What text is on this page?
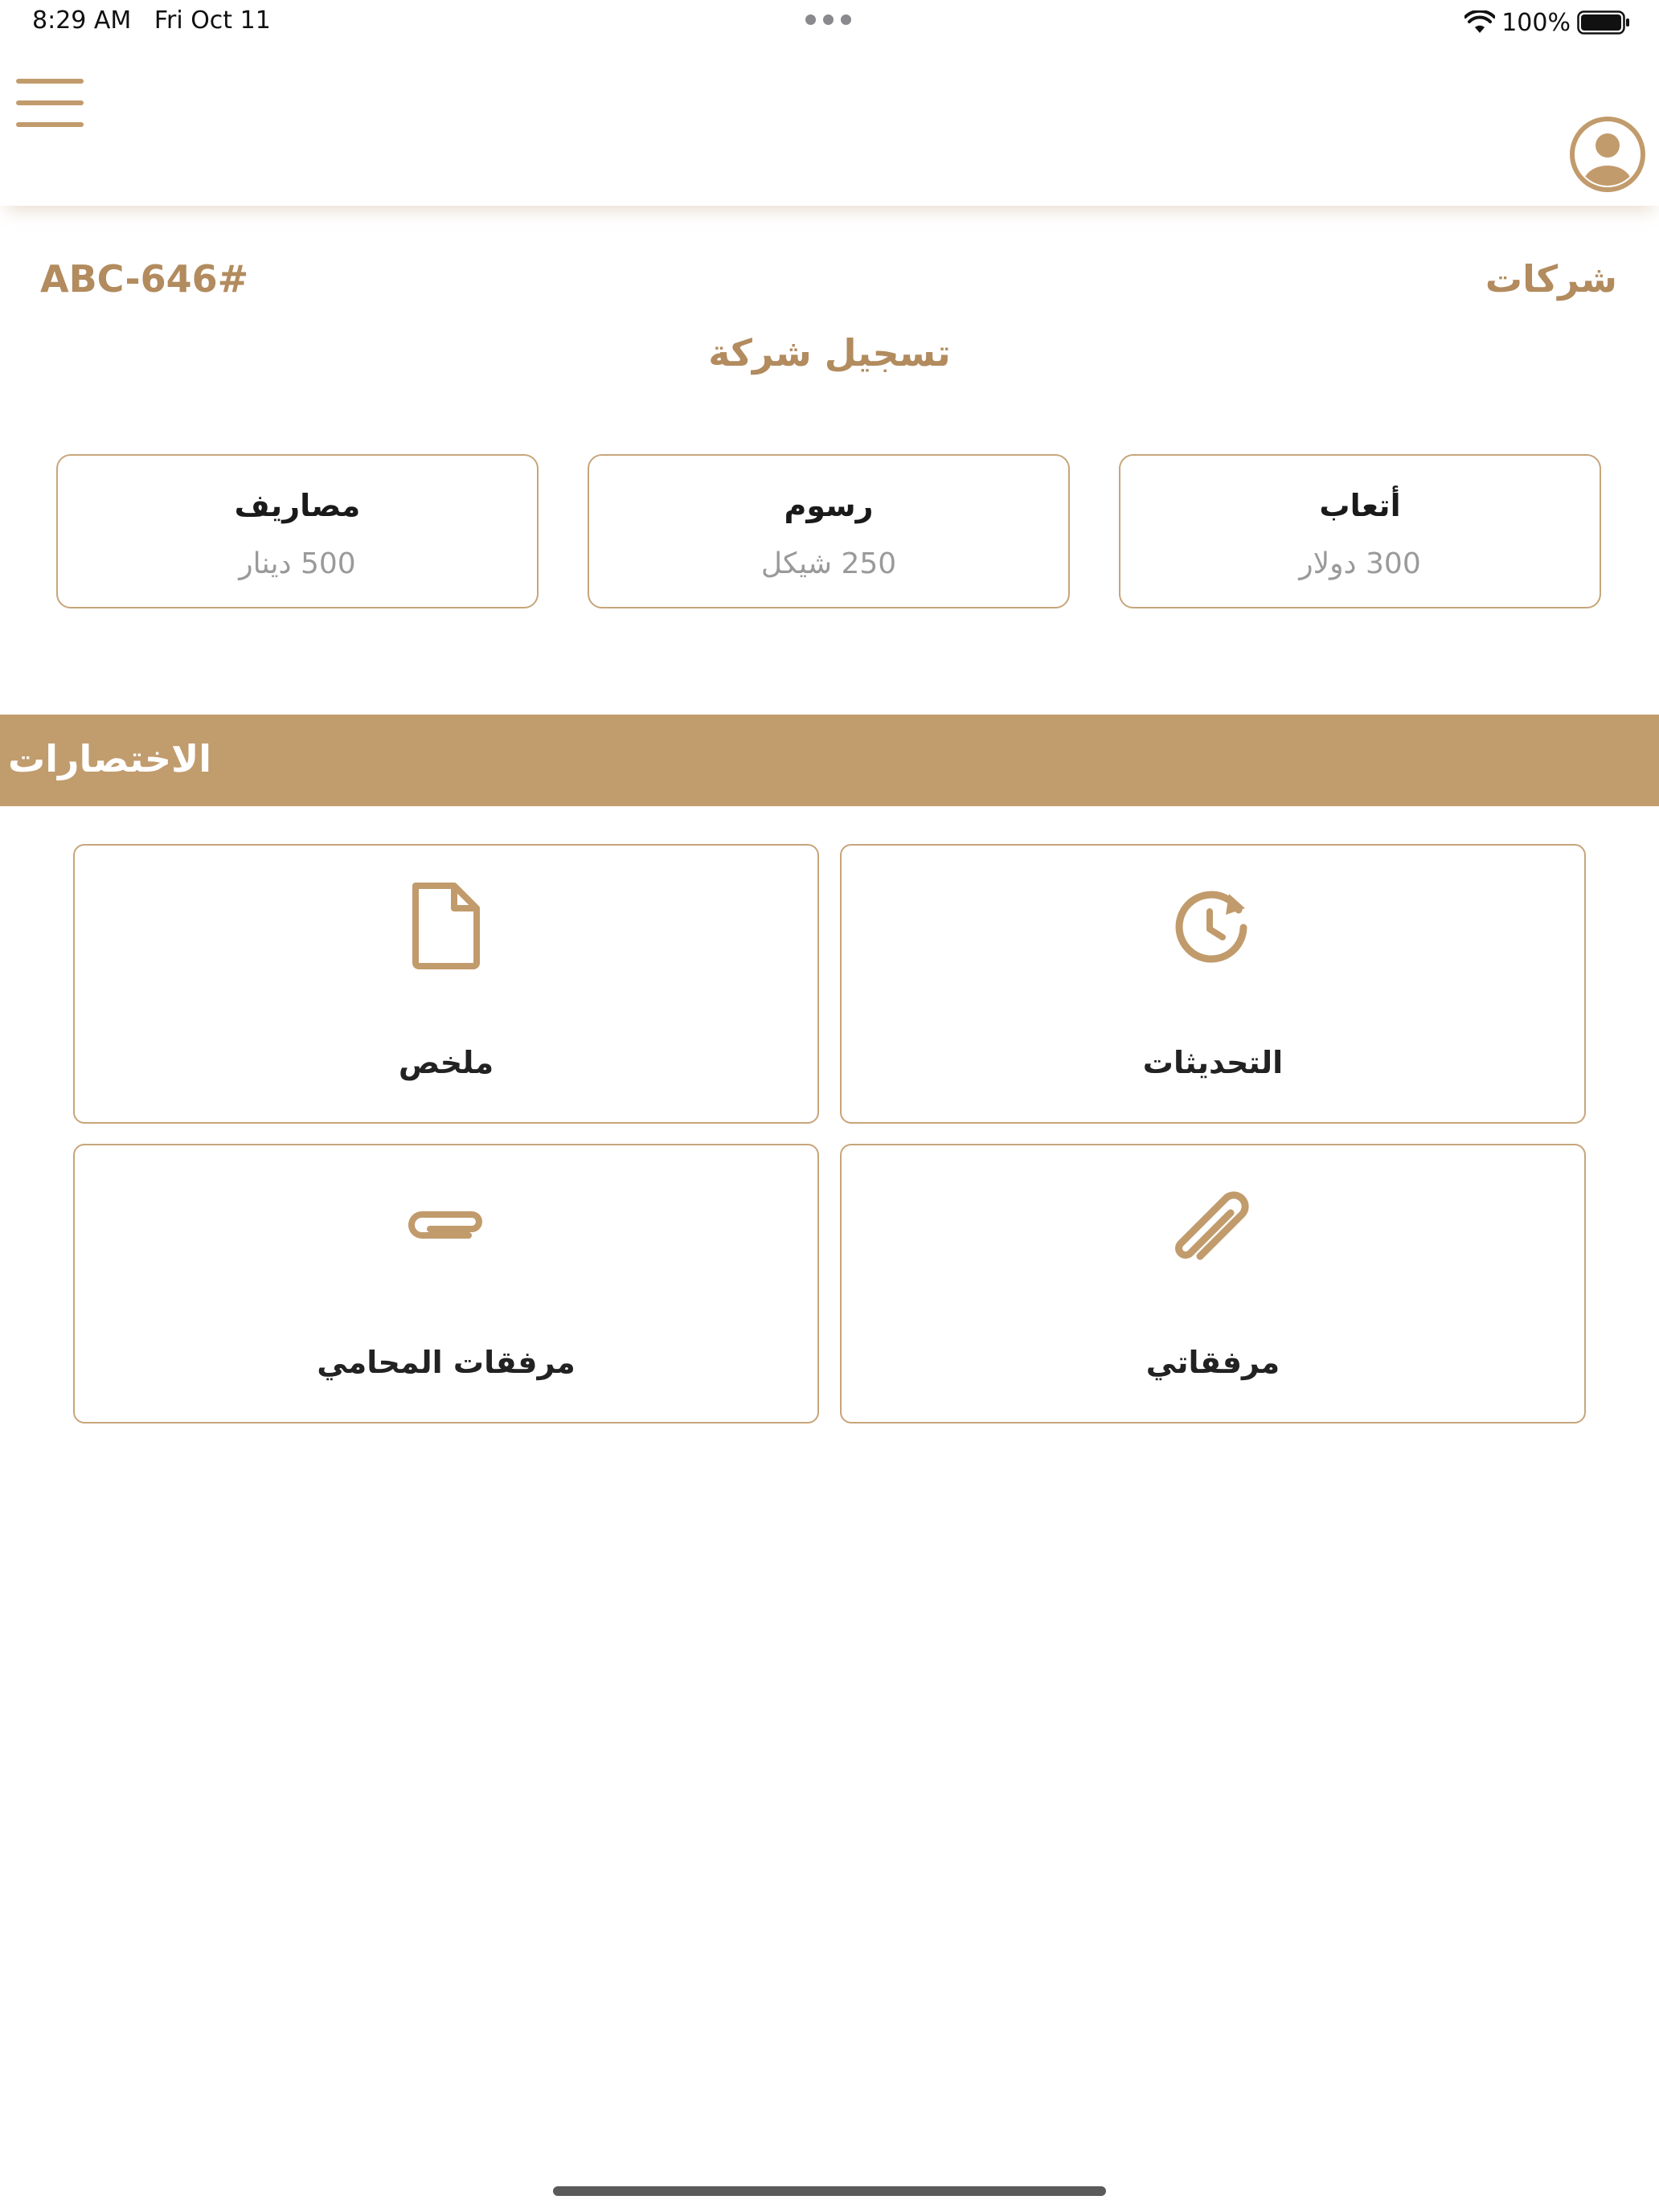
8:29 AM   Fri Oct 11	100%
ABC-646#	شركات
تسجيل شركة
أتعاب
300 دولار
رسوم
250 شيكل
مصاريف
500 دينار
الاختصارات
التحديثات
ملخص
مرفقاتي
مرفقات المحامي
